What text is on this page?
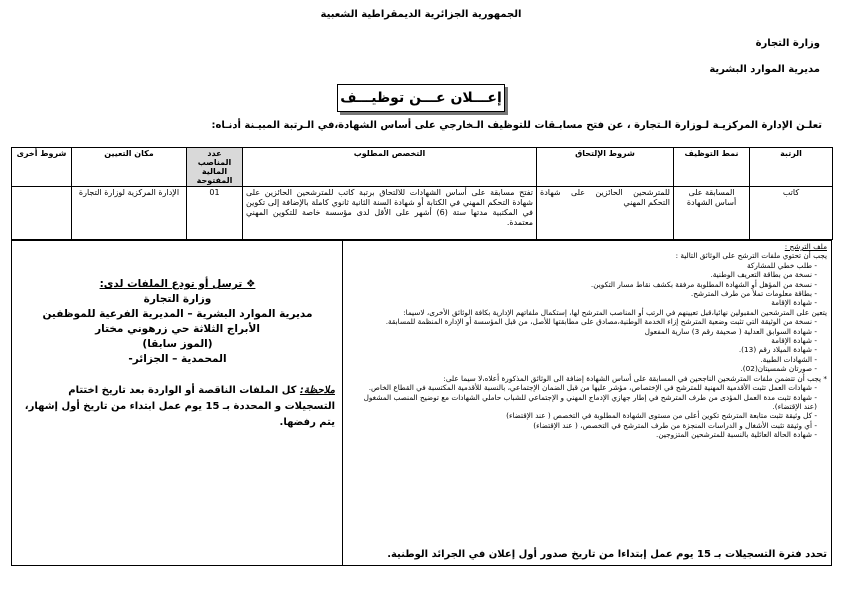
الجمهورية الجزائرية الديمقراطية الشعبية
وزارة التجارة
مديرية الموارد البشرية
إعـــلان عـــن توظيـــف
تعلـن الإدارة المركزيـة لـوزارة الـتجارة ، عن فتح مسابـقات للتوظيف الـخارجي على أساس الشهادة،في الـرتبة المبيـنة أدنـاه:
الرتبة	نمط التوظيف	شروط الإلتحاق	التخصص المطلوب	عدد المناصب المالية المفتوحة	مكان التعيين	شروط أخرى
كاتب	المسابقة على أساس الشهادة	للمترشحين الحائزين على شهادة التحكم المهني	تفتح مسابقة على أساس الشهادات للالتحاق برتبة كاتب للمترشحين الحائزين على شهادة التحكم المهني في الكتابة أو شهادة السنة الثانية ثانوي كاملة بالإضافة إلى تكوين في المكتبية مدتها ستة (6) أشهر على الأقل لدى مؤسسة خاصة للتكوين المهني معتمدة.	01	الإدارة المركزية لوزارة التجارة	
ملف الترشح :
يجب أن تحتوي ملفات الترشح على الوثائق التالية :
- طلب خطي للمشاركة
- نسخة من بطاقة التعريف الوطنية.
- نسخة من المؤهل أو الشهادة المطلوبة مرفقة بكشف نقاط مسار التكوين.
- بطاقة معلومات تملأ من طرف المترشح.
- شهادة الإقامة
يتعين على المترشحين المقبولين نهائيا،قبل تعيينهم في الرتب أو المناصب المترشح لها، إستكمال ملفاتهم الإدارية بكافة الوثائق الأخرى، لاسيما:
- نسخة من الوثيقة التي تثبت وضعية المترشح إزاء الخدمة الوطنية،مصادق على مطابقتها للأصل، من قبل المؤسسة أو الإدارة المنظمة للمسابقة.
- شهادة السوابق العدلية ( صحيفة رقم 3) سارية المفعول
- شهادة الإقامة
- شهادة الميلاد رقم (13).
- الشهادات الطبية.
- صورتان شمسيتان(02).
* يجب أن تتضمن ملفات المترشحين الناجحين في المسابقة على أساس الشهادة إضافة الى الوثائق المذكورة أعلاه،لا سيما على:
- شهادات العمل تثبت الأقدمية المهنية للمترشح في الإختصاص، مؤشر عليها من قبل الضمان الإجتماعي، بالنسبة للأقدمية المكتسبة في القطاع الخاص.
- شهادة تثبت مدة العمل المؤدى من طرف المترشح في إطار جهازي الإدماج المهني و الإجتماعي للشباب حاملي الشهادات مع توضيح المنصب المشغول (عند الإقتضاء).
- كل وثيقة تثبت متابعة المترشح تكوين أعلى من مستوى الشهادة المطلوبة في التخصص ( عند الإقتضاء)
- أي وثيقة تثبت الأشغال و الدراسات المنجزة من طرف المترشح في التخصص، ( عند الإقتضاء)
- شهادة الحالة العائلية بالنسبة للمترشحين المتزوجين.
تحدد فترة التسجيلات بـ 15 يوم عمل إبتداءا من تاريخ صدور أول إعلان في الجرائد الوطنية.
❖ ترسل أو تودع الملفات لدى:
وزارة التجارة
مديرية الموارد البشرية – المديرية الفرعية للموظفين
الأبراج الثلاثة حي زرهوني مختار
(الموز سابقا)
المحمدية – الجزائر-
ملاحظة: كل الملفات الناقصة أو الواردة بعد تاريخ اختتام التسجيلات و المحددة بـ 15 يوم عمل ابتداء من تاريخ أول إشهار، يتم رفضها.
